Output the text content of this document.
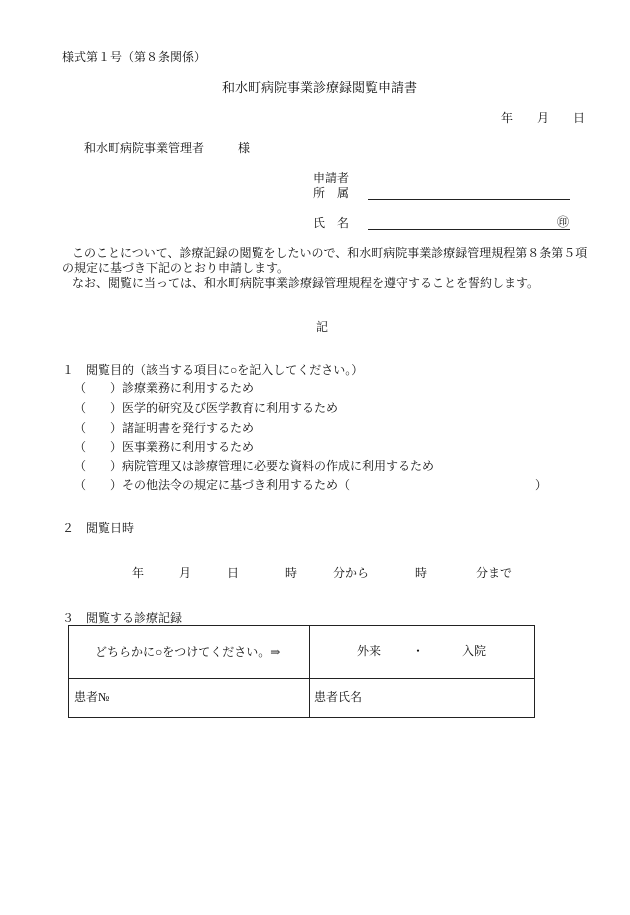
様式第１号（第８条関係）
和水町病院事業診療録閲覧申請書
年 月 日
和水町病院事業管理者	様
申請者
所　属
氏　名	㊞
このことについて、診療記録の閲覧をしたいので、和水町病院事業診療録管理規程第８条第５項
の規定に基づき下記のとおり申請します。
なお、閲覧に当っては、和水町病院事業診療録管理規程を遵守することを誓約します。
記
１　閲覧目的（該当する項目に○を記入してください。）
（　　）診療業務に利用するため
（　　）医学的研究及び医学教育に利用するため
（　　）諸証明書を発行するため
（　　）医事業務に利用するため
（　　）病院管理又は診療管理に必要な資料の作成に利用するため
（　　）その他法令の規定に基づき利用するため（	）
２　閲覧日時
年	月	日	時	分から	時	分まで
３　閲覧する診療記録
どちらかに○をつけてください。⇒	外来	・	入院
患者№	患者氏名
